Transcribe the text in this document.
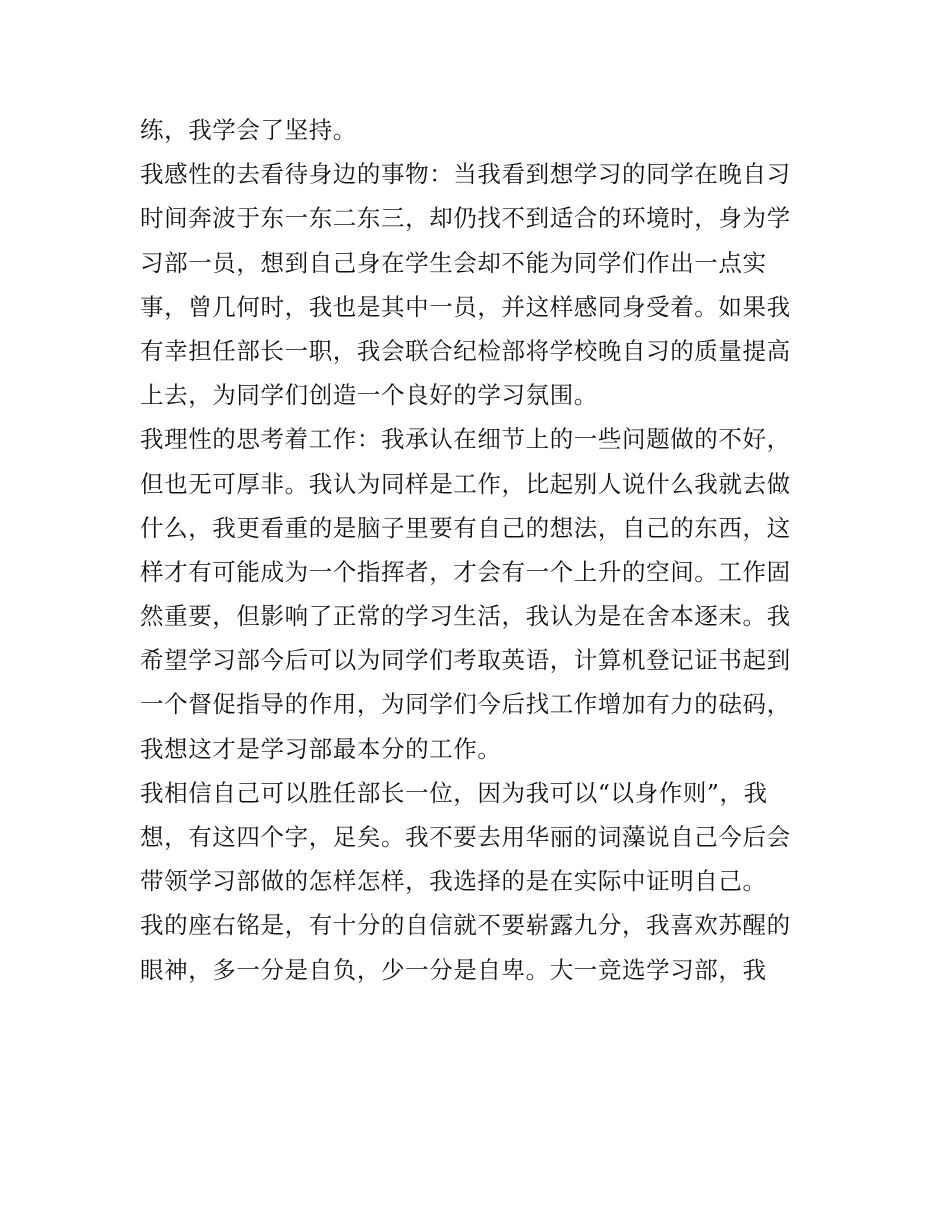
练，我学会了坚持。

我感性的去看待身边的事物：当我看到想学习的同学在晚自习

时间奔波于东一东二东三，却仍找不到适合的环境时，身为学

习部一员，想到自己身在学生会却不能为同学们作出一点实

事，曾几何时，我也是其中一员，并这样感同身受着。如果我

有幸担任部长一职，我会联合纪检部将学校晚自习的质量提高

上去，为同学们创造一个良好的学习氛围。

我理性的思考着工作：我承认在细节上的一些问题做的不好，

但也无可厚非。我认为同样是工作，比起别人说什么我就去做

什么，我更看重的是脑子里要有自己的想法，自己的东西，这

样才有可能成为一个指挥者，才会有一个上升的空间。工作固

然重要，但影响了正常的学习生活，我认为是在舍本逐末。我

希望学习部今后可以为同学们考取英语，计算机登记证书起到

一个督促指导的作用，为同学们今后找工作增加有力的砝码，

我想这才是学习部最本分的工作。

我相信自己可以胜任部长一位，因为我可以“以身作则”，我

想，有这四个字，足矣。我不要去用华丽的词藻说自己今后会

带领学习部做的怎样怎样，我选择的是在实际中证明自己。

我的座右铭是，有十分的自信就不要崭露九分，我喜欢苏醒的

眼神，多一分是自负，少一分是自卑。大一竞选学习部，我
